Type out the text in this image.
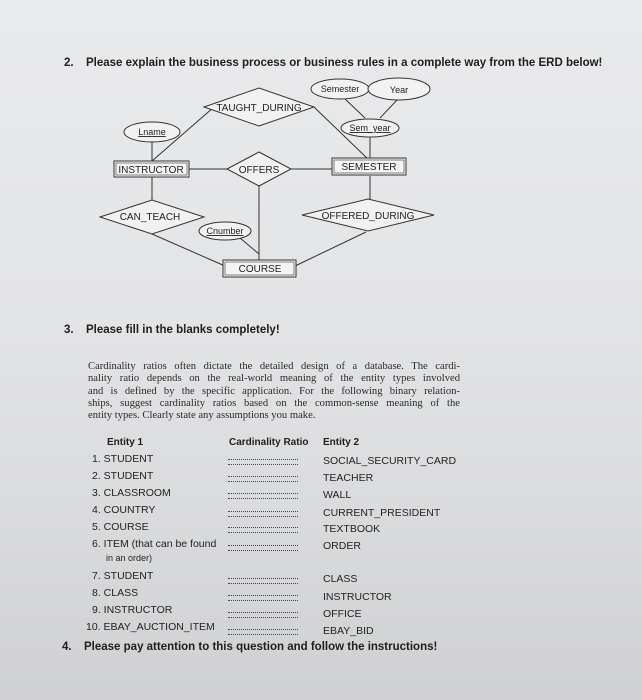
2. Please explain the business process or business rules in a complete way from the ERD below!
TAUGHT_DURING
Semester	Year
Sem_year
Lname
INSTRUCTOR	OFFERS	SEMESTER
CAN_TEACH	OFFERED_DURING
Cnumber
COURSE
3. Please fill in the blanks completely!
Cardinality ratios often dictate the detailed design of a database. The cardi-
nality ratio depends on the real-world meaning of the entity types involved
and is defined by the specific application. For the following binary relation-
ships, suggest cardinality ratios based on the common-sense meaning of the
entity types. Clearly state any assumptions you make.
Entity 1	Cardinality Ratio Entity 2
1. STUDENT	SOCIAL_SECURITY_CARD
2. STUDENT	TEACHER
3. CLASSROOM	WALL
4. COUNTRY	CURRENT_PRESIDENT
5. COURSE	TEXTBOOK
6. ITEM (that can be found
in an order)
ORDER
7. STUDENT	CLASS
8. CLASS	INSTRUCTOR
9. INSTRUCTOR	OFFICE
10. EBAY_AUCTION_ITEM	EBAY_BID
4. Please pay attention to this question and follow the instructions!
